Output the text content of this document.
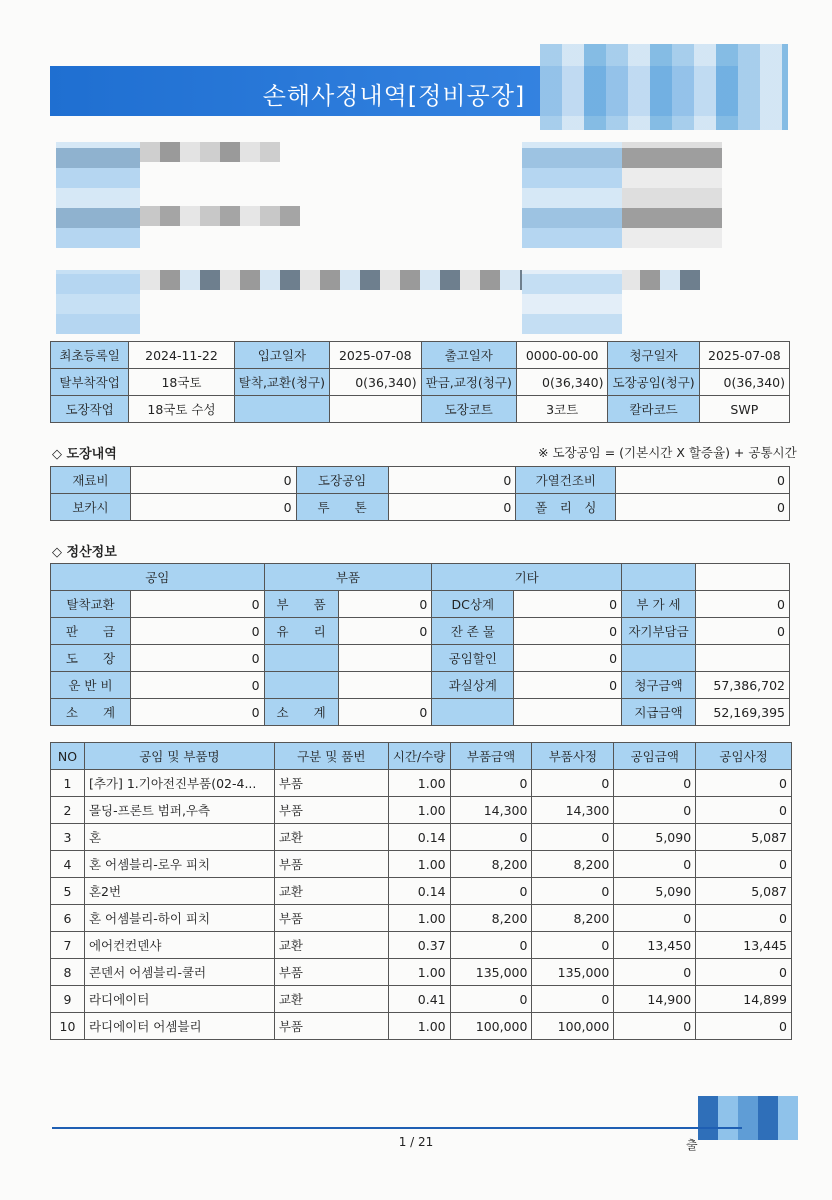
손해사정내역[정비공장]
최초등록일	2024-11-22	입고일자	2025-07-08	출고일자	0000-00-00	청구일자	2025-07-08
탈부착작업	18국토	탈착,교환(청구)	0(36,340)	판금,교정(청구)	0(36,340)	도장공임(청구)	0(36,340)
도장작업	18국토 수성			도장코트	3코트	칼라코드	SWP
◇ 도장내역	※ 도장공임 = (기본시간 X 할증율) + 공통시간
재료비	0	도장공임	0	가열건조비	0
보카시	0	투　　톤	0	폴　리　싱	0
◇ 정산정보
공임		부품		기타			
탈착교환	0	부　　품	0	DC상계	0	부 가 세	0
판　　금	0	유　　리	0	잔 존 물	0	자기부담금	0
도　　장	0			공임할인	0		
운 반 비	0			과실상계	0	청구금액	57,386,702
소　　계	0	소　　계	0			지급금액	52,169,395
NO	공임 및 부품명	구분 및 품번	시간/수량	부품금액	부품사정	공임금액	공임사정
1	[추가] 1.기아전진부품(02-4...	부품	1.00	0	0	0	0
2	몰딩-프론트 범퍼,우측	부품	1.00	14,300	14,300	0	0
3	혼	교환	0.14	0	0	5,090	5,087
4	혼 어셈블리-로우 피치	부품	1.00	8,200	8,200	0	0
5	혼2번	교환	0.14	0	0	5,090	5,087
6	혼 어셈블리-하이 피치	부품	1.00	8,200	8,200	0	0
7	에어컨컨덴샤	교환	0.37	0	0	13,450	13,445
8	콘덴서 어셈블리-쿨러	부품	1.00	135,000	135,000	0	0
9	라디에이터	교환	0.41	0	0	14,900	14,899
10	라디에이터 어셈블리	부품	1.00	100,000	100,000	0	0
1 / 21	출
